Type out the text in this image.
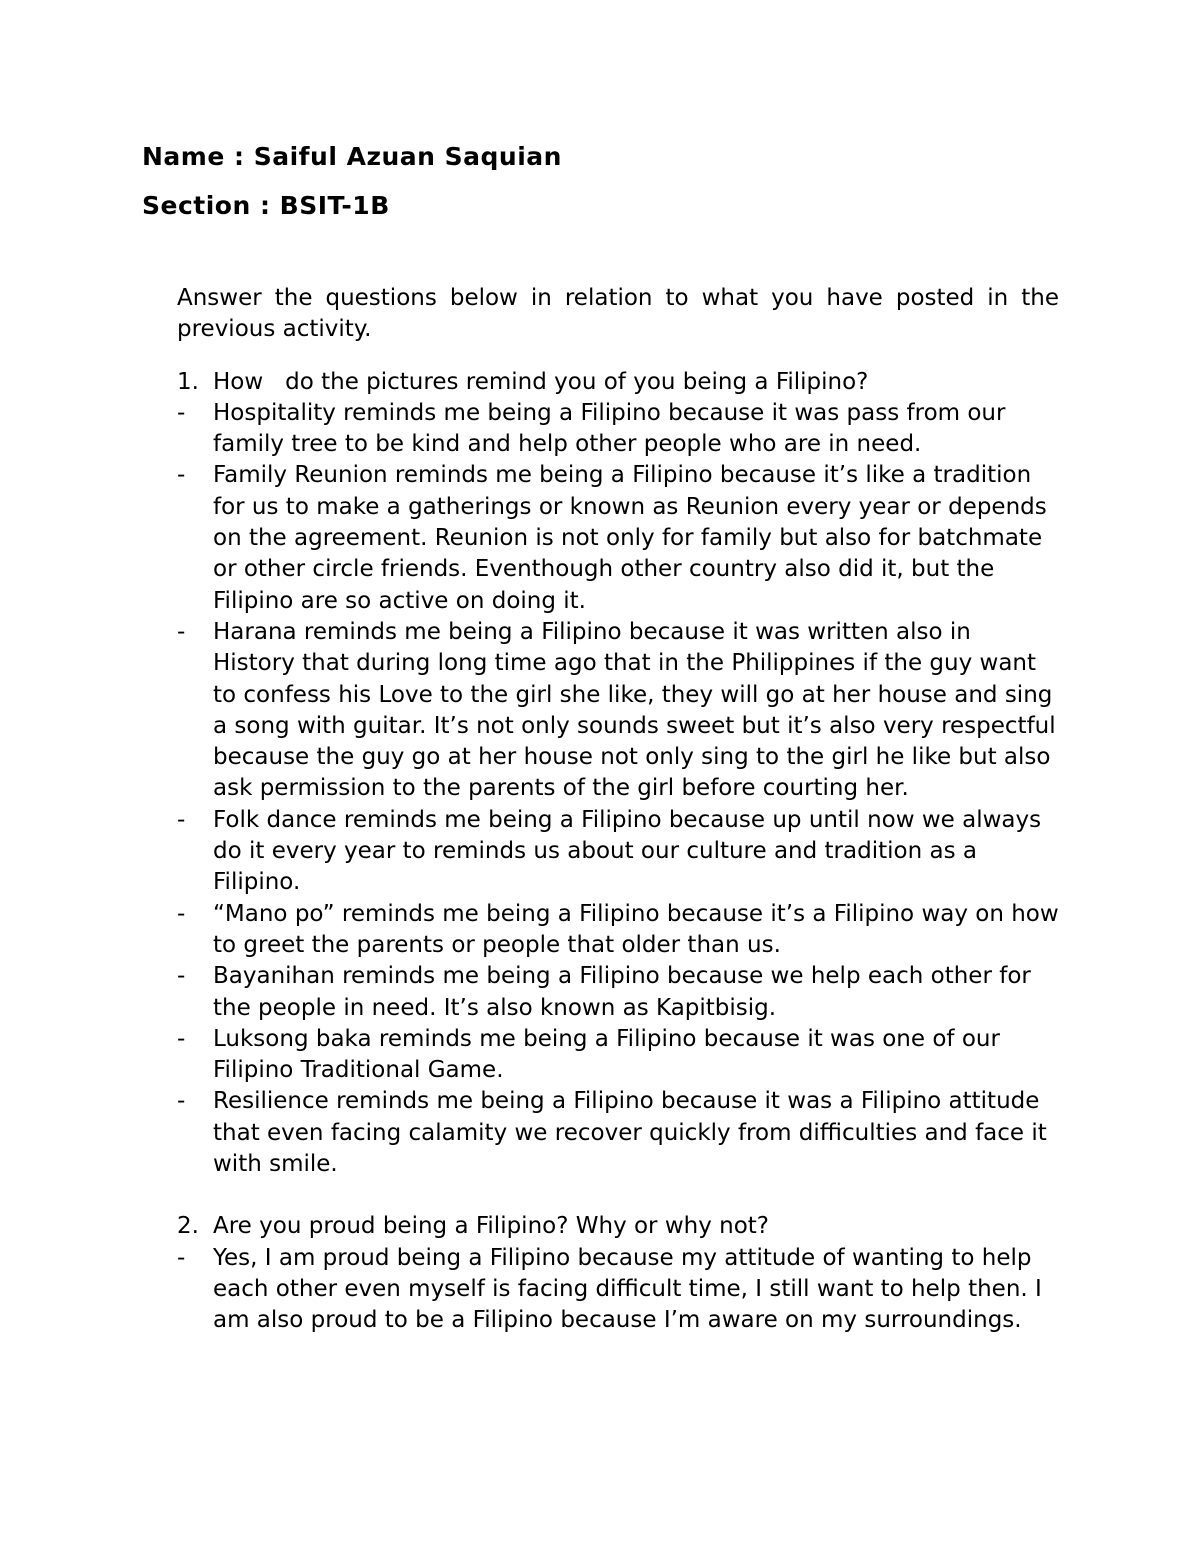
Name : Saiful Azuan Saquian
Section : BSIT-1B

Answer the questions below in relation to what you have posted in the previous activity.

1. How   do the pictures remind you of you being a Filipino?

- Hospitality reminds me being a Filipino because it was pass from our family tree to be kind and help other people who are in need.
- Family Reunion reminds me being a Filipino because it’s like a tradition for us to make a gatherings or known as Reunion every year or depends on the agreement. Reunion is not only for family but also for batchmate or other circle friends. Eventhough other country also did it, but the Filipino are so active on doing it.
- Harana reminds me being a Filipino because it was written also in History that during long time ago that in the Philippines if the guy want to confess his Love to the girl she like, they will go at her house and sing a song with guitar. It’s not only sounds sweet but it’s also very respectful because the guy go at her house not only sing to the girl he like but also ask permission to the parents of the girl before courting her.
- Folk dance reminds me being a Filipino because up until now we always do it every year to reminds us about our culture and tradition as a Filipino.
- “Mano po” reminds me being a Filipino because it’s a Filipino way on how to greet the parents or people that older than us.
- Bayanihan reminds me being a Filipino because we help each other for the people in need. It’s also known as Kapitbisig.
- Luksong baka reminds me being a Filipino because it was one of our Filipino Traditional Game.
- Resilience reminds me being a Filipino because it was a Filipino attitude that even facing calamity we recover quickly from difficulties and face it with smile.

2. Are you proud being a Filipino? Why or why not?

- Yes, I am proud being a Filipino because my attitude of wanting to help each other even myself is facing difficult time, I still want to help then. I am also proud to be a Filipino because I’m aware on my surroundings.
